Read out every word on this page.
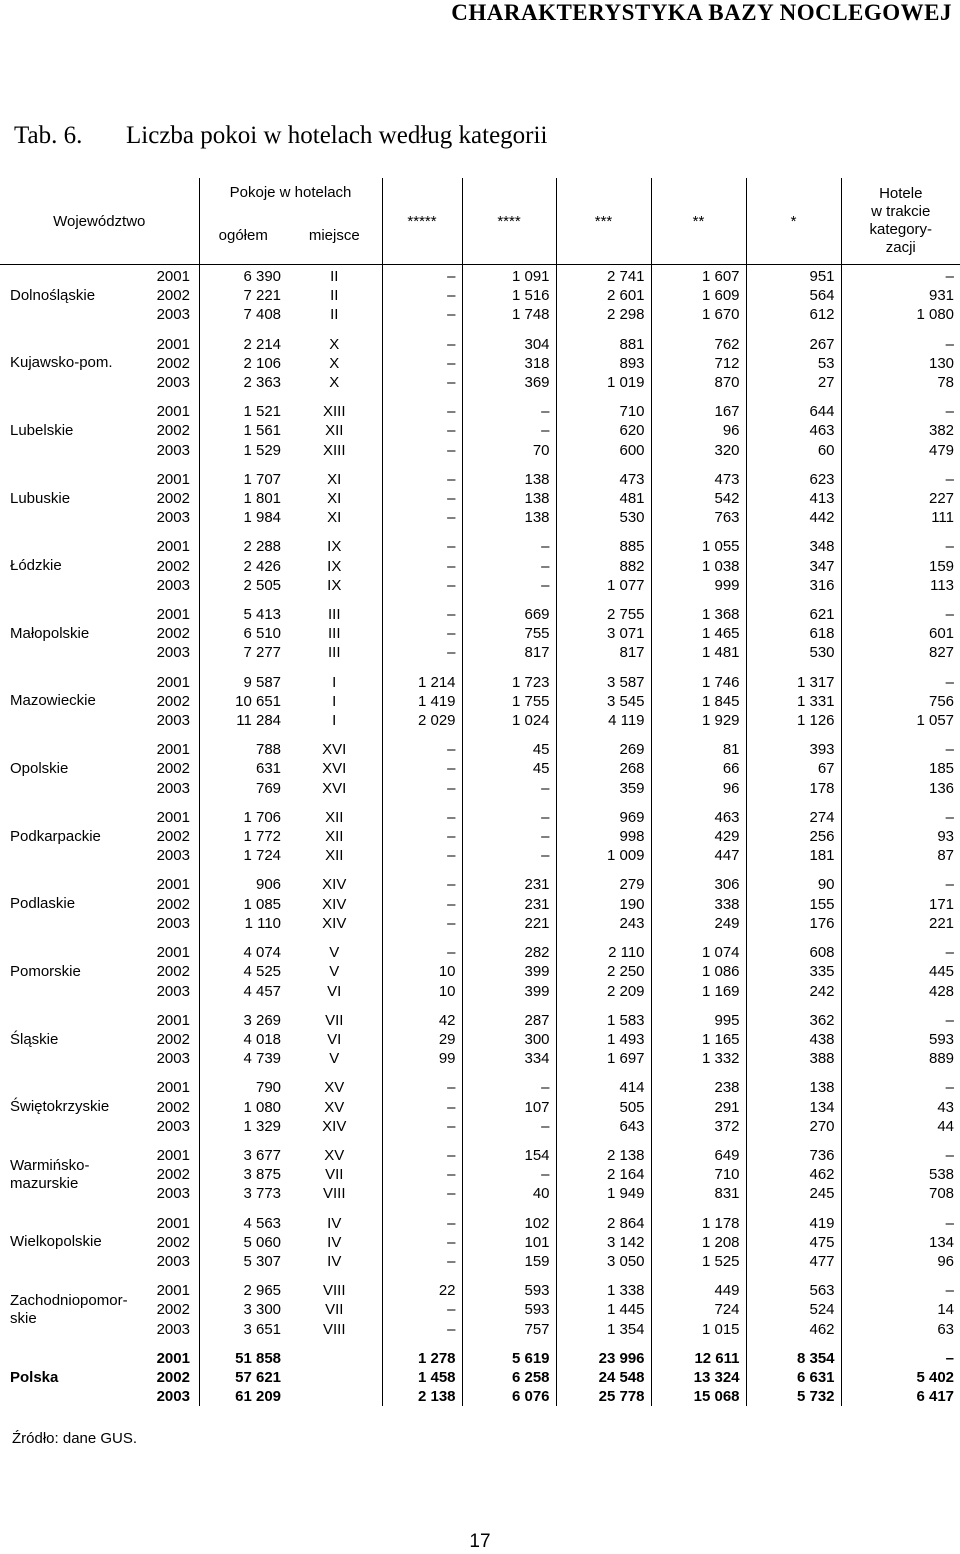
CHARAKTERYSTYKA BAZY NOCLEGOWEJ
Tab. 6. Liczba pokoi w hotelach według kategorii
Województwo		Pokoje w hotelach		*****	****	***	**	*	Hotele
w trakcie
kategory-
zacji

		ogółem	miejsce						

Dolnośląskie	2001	6 390	II	–	1 091	2 741	1 607	951	–
	2002	7 221	II	–	1 516	2 601	1 609	564	931
	2003	7 408	II	–	1 748	2 298	1 670	612	1 080

Kujawsko-pom.	2001	2 214	X	–	304	881	762	267	–
	2002	2 106	X	–	318	893	712	53	130
	2003	2 363	X	–	369	1 019	870	27	78

Lubelskie	2001	1 521	XIII	–	–	710	167	644	–
	2002	1 561	XII	–	–	620	96	463	382
	2003	1 529	XIII	–	70	600	320	60	479

Lubuskie	2001	1 707	XI	–	138	473	473	623	–
	2002	1 801	XI	–	138	481	542	413	227
	2003	1 984	XI	–	138	530	763	442	111

Łódzkie	2001	2 288	IX	–	–	885	1 055	348	–
	2002	2 426	IX	–	–	882	1 038	347	159
	2003	2 505	IX	–	–	1 077	999	316	113

Małopolskie	2001	5 413	III	–	669	2 755	1 368	621	–
	2002	6 510	III	–	755	3 071	1 465	618	601
	2003	7 277	III	–	817	817	1 481	530	827

Mazowieckie	2001	9 587	I	1 214	1 723	3 587	1 746	1 317	–
	2002	10 651	I	1 419	1 755	3 545	1 845	1 331	756
	2003	11 284	I	2 029	1 024	4 119	1 929	1 126	1 057

Opolskie	2001	788	XVI	–	45	269	81	393	–
	2002	631	XVI	–	45	268	66	67	185
	2003	769	XVI	–	–	359	96	178	136

Podkarpackie	2001	1 706	XII	–	–	969	463	274	–
	2002	1 772	XII	–	–	998	429	256	93
	2003	1 724	XII	–	–	1 009	447	181	87

Podlaskie	2001	906	XIV	–	231	279	306	90	–
	2002	1 085	XIV	–	231	190	338	155	171
	2003	1 110	XIV	–	221	243	249	176	221

Pomorskie	2001	4 074	V	–	282	2 110	1 074	608	–
	2002	4 525	V	10	399	2 250	1 086	335	445
	2003	4 457	VI	10	399	2 209	1 169	242	428

Śląskie	2001	3 269	VII	42	287	1 583	995	362	–
	2002	4 018	VI	29	300	1 493	1 165	438	593
	2003	4 739	V	99	334	1 697	1 332	388	889

Świętokrzyskie	2001	790	XV	–	–	414	238	138	–
	2002	1 080	XV	–	107	505	291	134	43
	2003	1 329	XIV	–	–	643	372	270	44

Warmińsko-
mazurskie	2001	3 677	XV	–	154	2 138	649	736	–
	2002	3 875	VII	–	–	2 164	710	462	538
	2003	3 773	VIII	–	40	1 949	831	245	708

Wielkopolskie	2001	4 563	IV	–	102	2 864	1 178	419	–
	2002	5 060	IV	–	101	3 142	1 208	475	134
	2003	5 307	IV	–	159	3 050	1 525	477	96

Zachodniopomor-
skie	2001	2 965	VIII	22	593	1 338	449	563	–
	2002	3 300	VII	–	593	1 445	724	524	14
	2003	3 651	VIII	–	757	1 354	1 015	462	63

Polska	2001	51 858		1 278	5 619	23 996	12 611	8 354	–
	2002	57 621		1 458	6 258	24 548	13 324	6 631	5 402
	2003	61 209		2 138	6 076	25 778	15 068	5 732	6 417
Źródło: dane GUS.
17
